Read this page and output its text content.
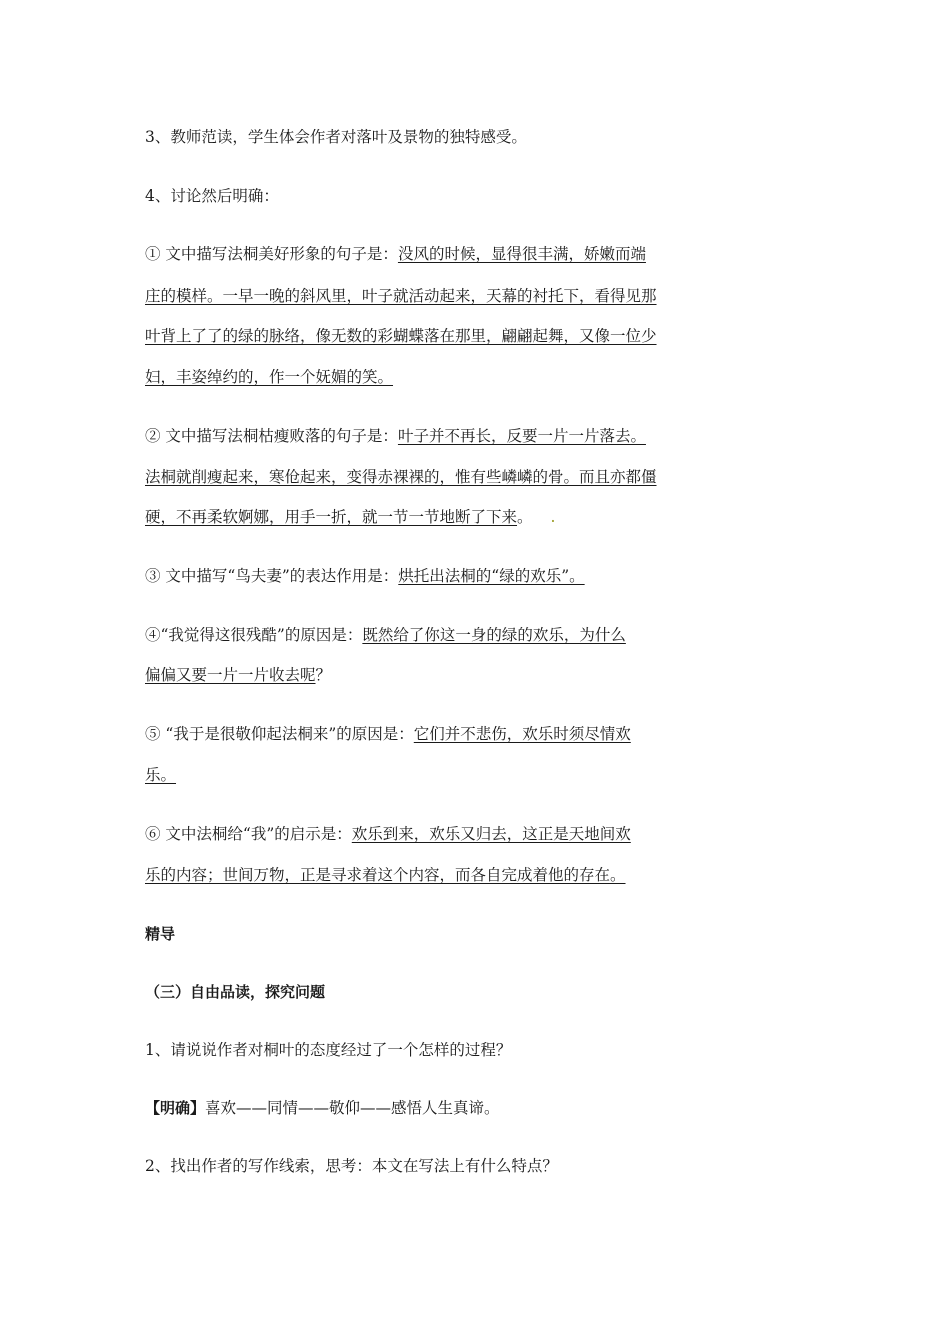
3、教师范读，学生体会作者对落叶及景物的独特感受。
4、讨论然后明确：
① 文中描写法桐美好形象的句子是：没风的时候，显得很丰满，娇嫩而端
庄的模样。一早一晚的斜风里，叶子就活动起来，天幕的衬托下，看得见那
叶背上了了的绿的脉络，像无数的彩蝴蝶落在那里，翩翩起舞，又像一位少
妇，丰姿绰约的，作一个妩媚的笑。
② 文中描写法桐枯瘦败落的句子是：叶子并不再长，反要一片一片落去。
法桐就削瘦起来，寒伧起来，变得赤裸裸的，惟有些嶙嶙的骨。而且亦都僵
硬，不再柔软婀娜，用手一折，就一节一节地断了下来。 .
③ 文中描写“鸟夫妻”的表达作用是：烘托出法桐的“绿的欢乐”。
④“我觉得这很残酷”的原因是：既然给了你这一身的绿的欢乐，为什么
偏偏又要一片一片收去呢？
⑤ “我于是很敬仰起法桐来”的原因是：它们并不悲伤，欢乐时须尽情欢
乐。
⑥ 文中法桐给“我”的启示是：欢乐到来，欢乐又归去，这正是天地间欢
乐的内容；世间万物，正是寻求着这个内容，而各自完成着他的存在。
精导
（三）自由品读，探究问题
1、请说说作者对桐叶的态度经过了一个怎样的过程？
【明确】喜欢——同情——敬仰——感悟人生真谛。
2、找出作者的写作线索，思考：本文在写法上有什么特点？
